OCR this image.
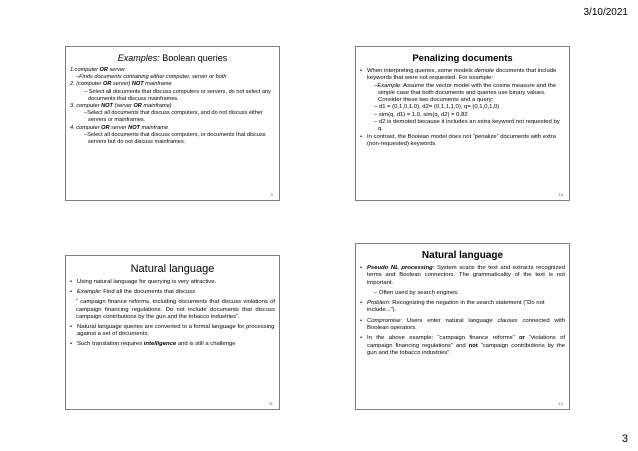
3/10/2021
Examples: Boolean queries

1.computer OR server

–Finds documents containing either computer, server or both

2. (computer OR server) NOT mainframe

– Select all documents that discuss computers or servers, do not select any documents that discuss mainframes.

3. computer NOT (server OR mainframe)

–Select all documents that discuss computers, and do not discuss either servers or mainframes.

4. computer OR server NOT mainframe

–Select all documents that discuss computers, or documents that discuss servers but do not discuss mainframes.

9
Penalizing documents

• When interpreting queries, some models demote documents that include keywords that were not requested. For example:

–Example: Assume the vector model with the cosine measure and the simple case that both documents and queries use binary values. Consider these two documents and a query:

– d1 = (0,1,0,1,0), d2= (0,1,1,1,0), q= (0,1,0,1,0)

– sim(q, d1) = 1.0, sim(q, d2) = 0.82

– d2 is demoted because it includes an extra keyword not requested by q.

• In contrast, the Boolean model does not “penalize” documents with extra (non-requested) keywords

10
Natural language

• Using natural language for querying is very attractive.

• Example: Find all the documents that discuss

“ campaign finance reforms, including documents that discuss violations of campaign financing regulations. Do not include documents that discuss campaign contributions by the gun and the tobacco industries”.

• Natural language queries are converted to a formal language for processing against a set of documents.

• Such translation requires intelligence and is still a challenge

11
Natural language

• Pseudo NL processing: System scans the text and extracts recognized terms and Boolean connectors. The grammaticality of the text is not important.

– Often used by search engines.

• Problem: Recognizing the negation in the search statement (“Do not include...”).

• Compromise: Users enter natural language clauses connected with Boolean operators.

• In the above example: “campaign finance reforms” or “violations of campaign financing regulations” and not “campaign contributions by the gun and the tobacco industries”.

12
3
